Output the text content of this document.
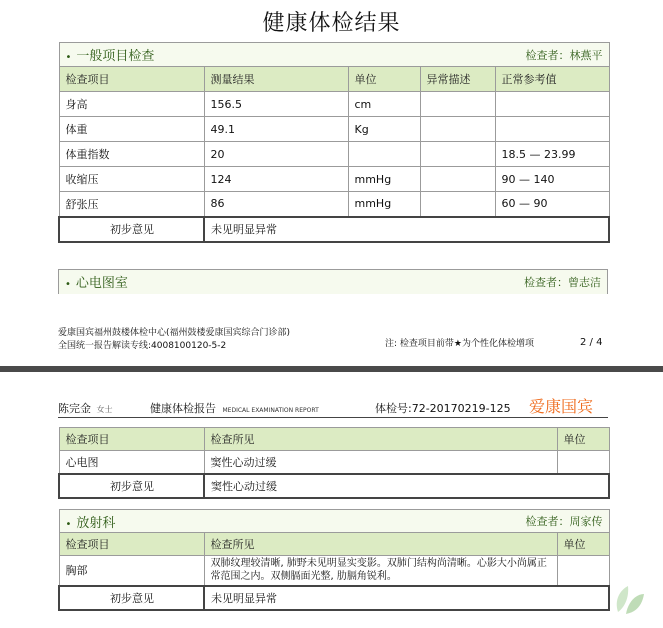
健康体检结果
• 一般项目检查 检查者：林燕平				

检查项目	测量结果	单位	异常描述	正常参考值
身高	156.5	cm		
体重	49.1	Kg		
体重指数	20			18.5 — 23.99
收缩压	124	mmHg		90 — 140
舒张压	86	mmHg		60 — 90
初步意见	未见明显异常			
• 心电图室	检查者：曾志洁
爱康国宾福州鼓楼体检中心(福州鼓楼爱康国宾综合门诊部)
全国统一报告解读专线:4008100120-5-2	注: 检查项目前带★为个性化体检增项	2 / 4
陈完金 女士	健康体检报告 MEDICAL EXAMINATION REPORT	体检号:72-20170219-125 爱康国宾
检查项目	检查所见	单位
心电图	窦性心动过缓	
初步意见	窦性心动过缓	
• 放射科 检查者：周家传		

检查项目	检查所见	单位
胸部	双肺纹理较清晰, 肺野未见明显实变影。双肺门结构尚清晰。心影大小尚属正常范围之内。双侧膈面光整, 肋膈角锐利。	
初步意见	未见明显异常	
